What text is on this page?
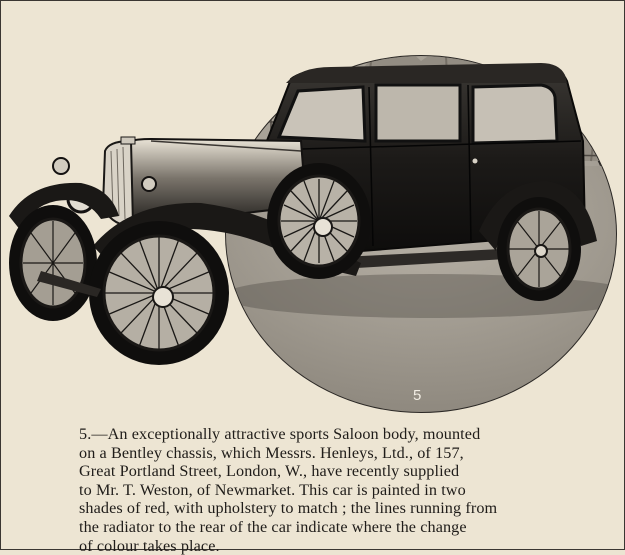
5
5.—An exceptionally attractive sports Saloon body, mounted
on a Bentley chassis, which Messrs. Henleys, Ltd., of 157,
Great Portland Street, London, W., have recently supplied
to Mr. T. Weston, of Newmarket. This car is painted in two
shades of red, with upholstery to match ; the lines running from
the radiator to the rear of the car indicate where the change
of colour takes place.
